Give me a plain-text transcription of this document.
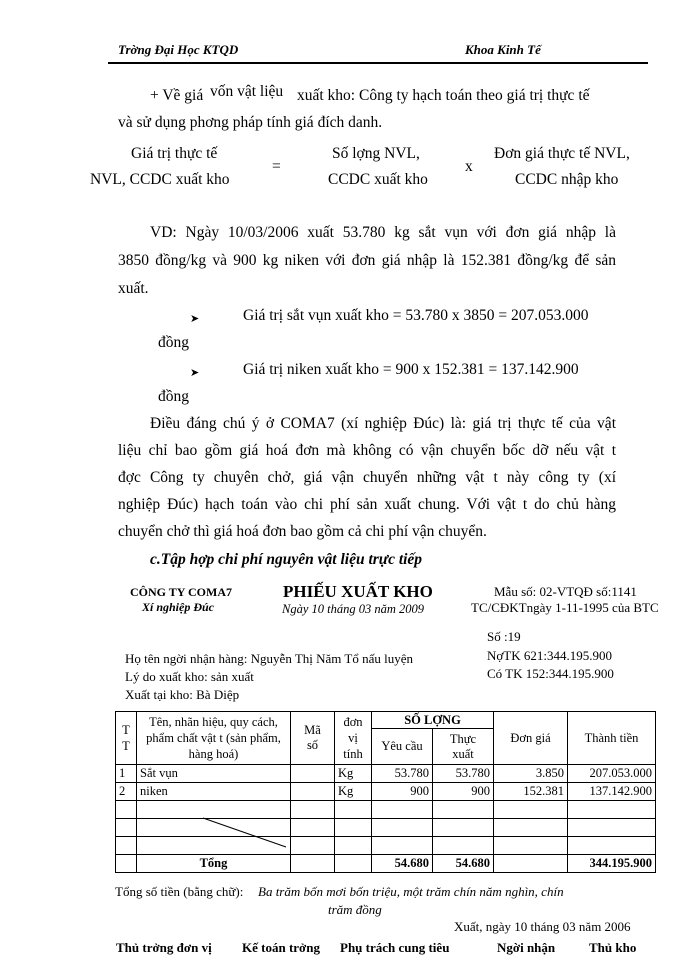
Trờng Đại Học KTQD	Khoa Kinh Tế
+ Về giá vốn vật liệu xuất kho: Công ty hạch toán theo giá trị thực tế
và sử dụng phơng pháp tính giá đích danh.
Giá trị thực tế
NVL, CCDC xuất kho
=
Số lợng NVL,
CCDC xuất kho
x
Đơn giá thực tế NVL,
CCDC nhập kho
VD: Ngày 10/03/2006 xuất 53.780 kg sắt vụn với đơn giá nhập là
3850 đồng/kg và 900 kg niken với đơn giá nhập là 152.381 đồng/kg để sản
xuất.
➤	Giá trị sắt vụn xuất kho = 53.780 x 3850 = 207.053.000
đồng
➤	Giá trị niken xuất kho = 900 x 152.381 = 137.142.900
đồng
Điều đáng chú ý ở COMA7 (xí nghiệp Đúc) là: giá trị thực tế của vật
liệu chỉ bao gồm giá hoá đơn mà không có vận chuyển bốc dỡ nếu vật t
đợc Công ty chuyên chở, giá vận chuyển những vật t này công ty (xí
nghiệp Đúc) hạch toán vào chi phí sản xuất chung. Với vật t do chủ hàng
chuyển chở thì giá hoá đơn bao gồm cả chi phí vận chuyển.
c.Tập hợp chi phí nguyên vật liệu trực tiếp
CÔNG TY COMA7
Xí nghiệp Đúc
PHIẾU XUẤT KHO
Ngày 10 tháng 03 năm 2009
Mẫu số: 02-VTQĐ số:1141
TC/CĐKTngày 1-11-1995 của BTC
Số :19
NợTK 621:344.195.900
Có TK 152:344.195.900
Họ tên ngời nhận hàng: Nguyễn Thị Năm Tổ nấu luyện
Lý do xuất kho: sản xuất
Xuất tại kho: Bà Diệp
T T	Tên, nhãn hiệu, quy cách, phẩm chất vật t (sản phẩm, hàng hoá)	Mã số	đơn vị tính	SỐ LỢNG		Đơn giá	Thành tiền
				Yêu cầu	Thực xuất		
1	Sắt vụn		Kg	53.780	53.780	3.850	207.053.000
2	niken		Kg	900	900	152.381	137.142.900

	Tổng			54.680	54.680		344.195.900
Tổng số tiền (bằng chữ): Ba trăm bốn mơi bốn triệu, một trăm chín năm nghìn, chín
trăm đồng
Xuất, ngày 10 tháng 03 năm 2006
Thủ trởng đơn vị Kế toán trởng Phụ trách cung tiêu	Ngời nhận	Thủ kho
